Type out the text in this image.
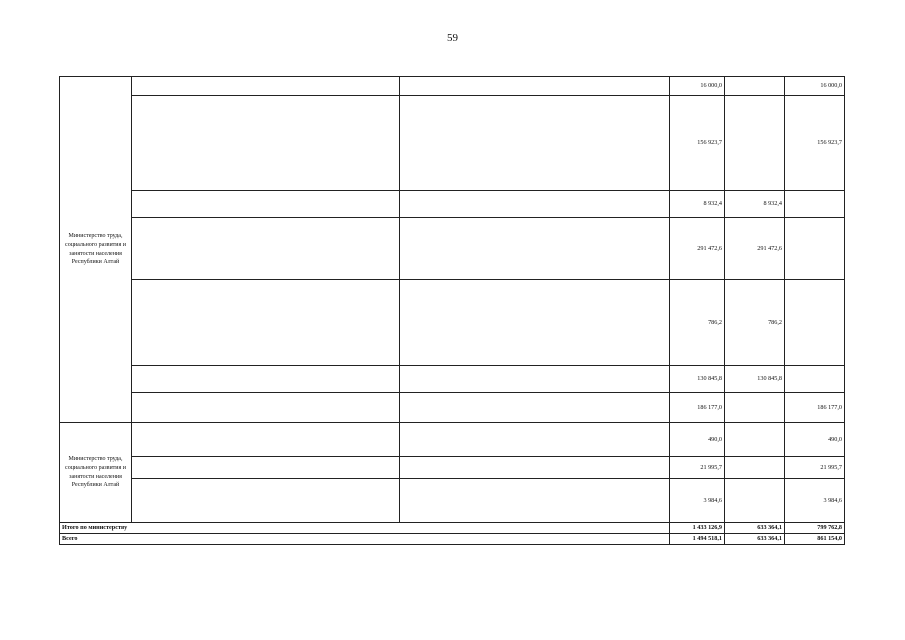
59
Министерство труда, социального развития и занятости населения Республики Алтай			16 000,0		16 000,0
			156 923,7		156 923,7
			8 932,4	8 932,4	
			291 472,6	291 472,6	
			786,2	786,2	
			130 845,8	130 845,8	
			186 177,0		186 177,0
Министерство труда, социального развития и занятости населения Республики Алтай			490,0		490,0
			21 995,7		21 995,7
			3 984,6		3 984,6
Итого по министерству			1 433 126,9	633 364,1	799 762,8
Всего			1 494 518,1	633 364,1	861 154,0
